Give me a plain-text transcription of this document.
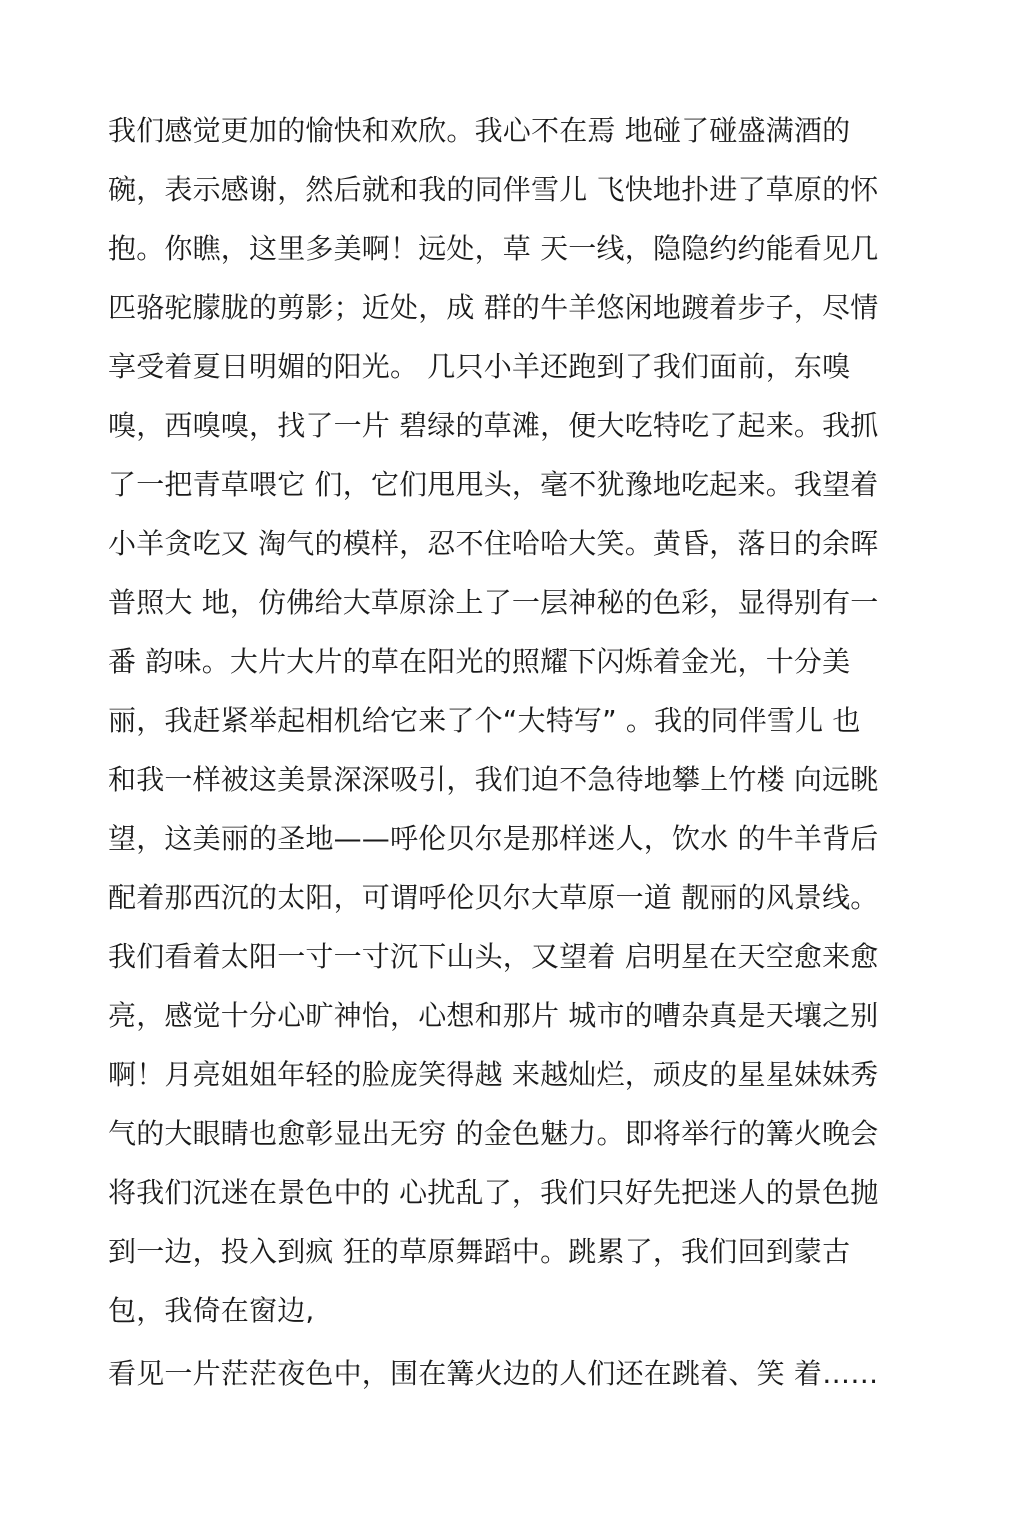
我们感觉更加的愉快和欢欣。我心不在焉 地碰了碰盛满酒的
碗，表示感谢，然后就和我的同伴雪儿 飞快地扑进了草原的怀
抱。你瞧，这里多美啊！远处，草 天一线，隐隐约约能看见几
匹骆驼朦胧的剪影；近处，成 群的牛羊悠闲地踱着步子，尽情
享受着夏日明媚的阳光。 几只小羊还跑到了我们面前，东嗅
嗅，西嗅嗅，找了一片 碧绿的草滩，便大吃特吃了起来。我抓
了一把青草喂它 们，它们甩甩头，毫不犹豫地吃起来。我望着
小羊贪吃又 淘气的模样，忍不住哈哈大笑。黄昏，落日的余晖
普照大 地，仿佛给大草原涂上了一层神秘的色彩，显得别有一
番 韵味。大片大片的草在阳光的照耀下闪烁着金光，十分美
丽，我赶紧举起相机给它来了个“大特写” 。我的同伴雪儿 也
和我一样被这美景深深吸引，我们迫不急待地攀上竹楼 向远眺
望，这美丽的圣地——呼伦贝尔是那样迷人，饮水 的牛羊背后
配着那西沉的太阳，可谓呼伦贝尔大草原一道 靓丽的风景线。
我们看着太阳一寸一寸沉下山头，又望着 启明星在天空愈来愈
亮，感觉十分心旷神怡，心想和那片 城市的嘈杂真是天壤之别
啊！月亮姐姐年轻的脸庞笑得越 来越灿烂，顽皮的星星妹妹秀
气的大眼睛也愈彰显出无穷 的金色魅力。即将举行的篝火晚会
将我们沉迷在景色中的 心扰乱了，我们只好先把迷人的景色抛
到一边，投入到疯 狂的草原舞蹈中。跳累了，我们回到蒙古
包，我倚在窗边,
看见一片茫茫夜色中，围在篝火边的人们还在跳着、笑 着……
